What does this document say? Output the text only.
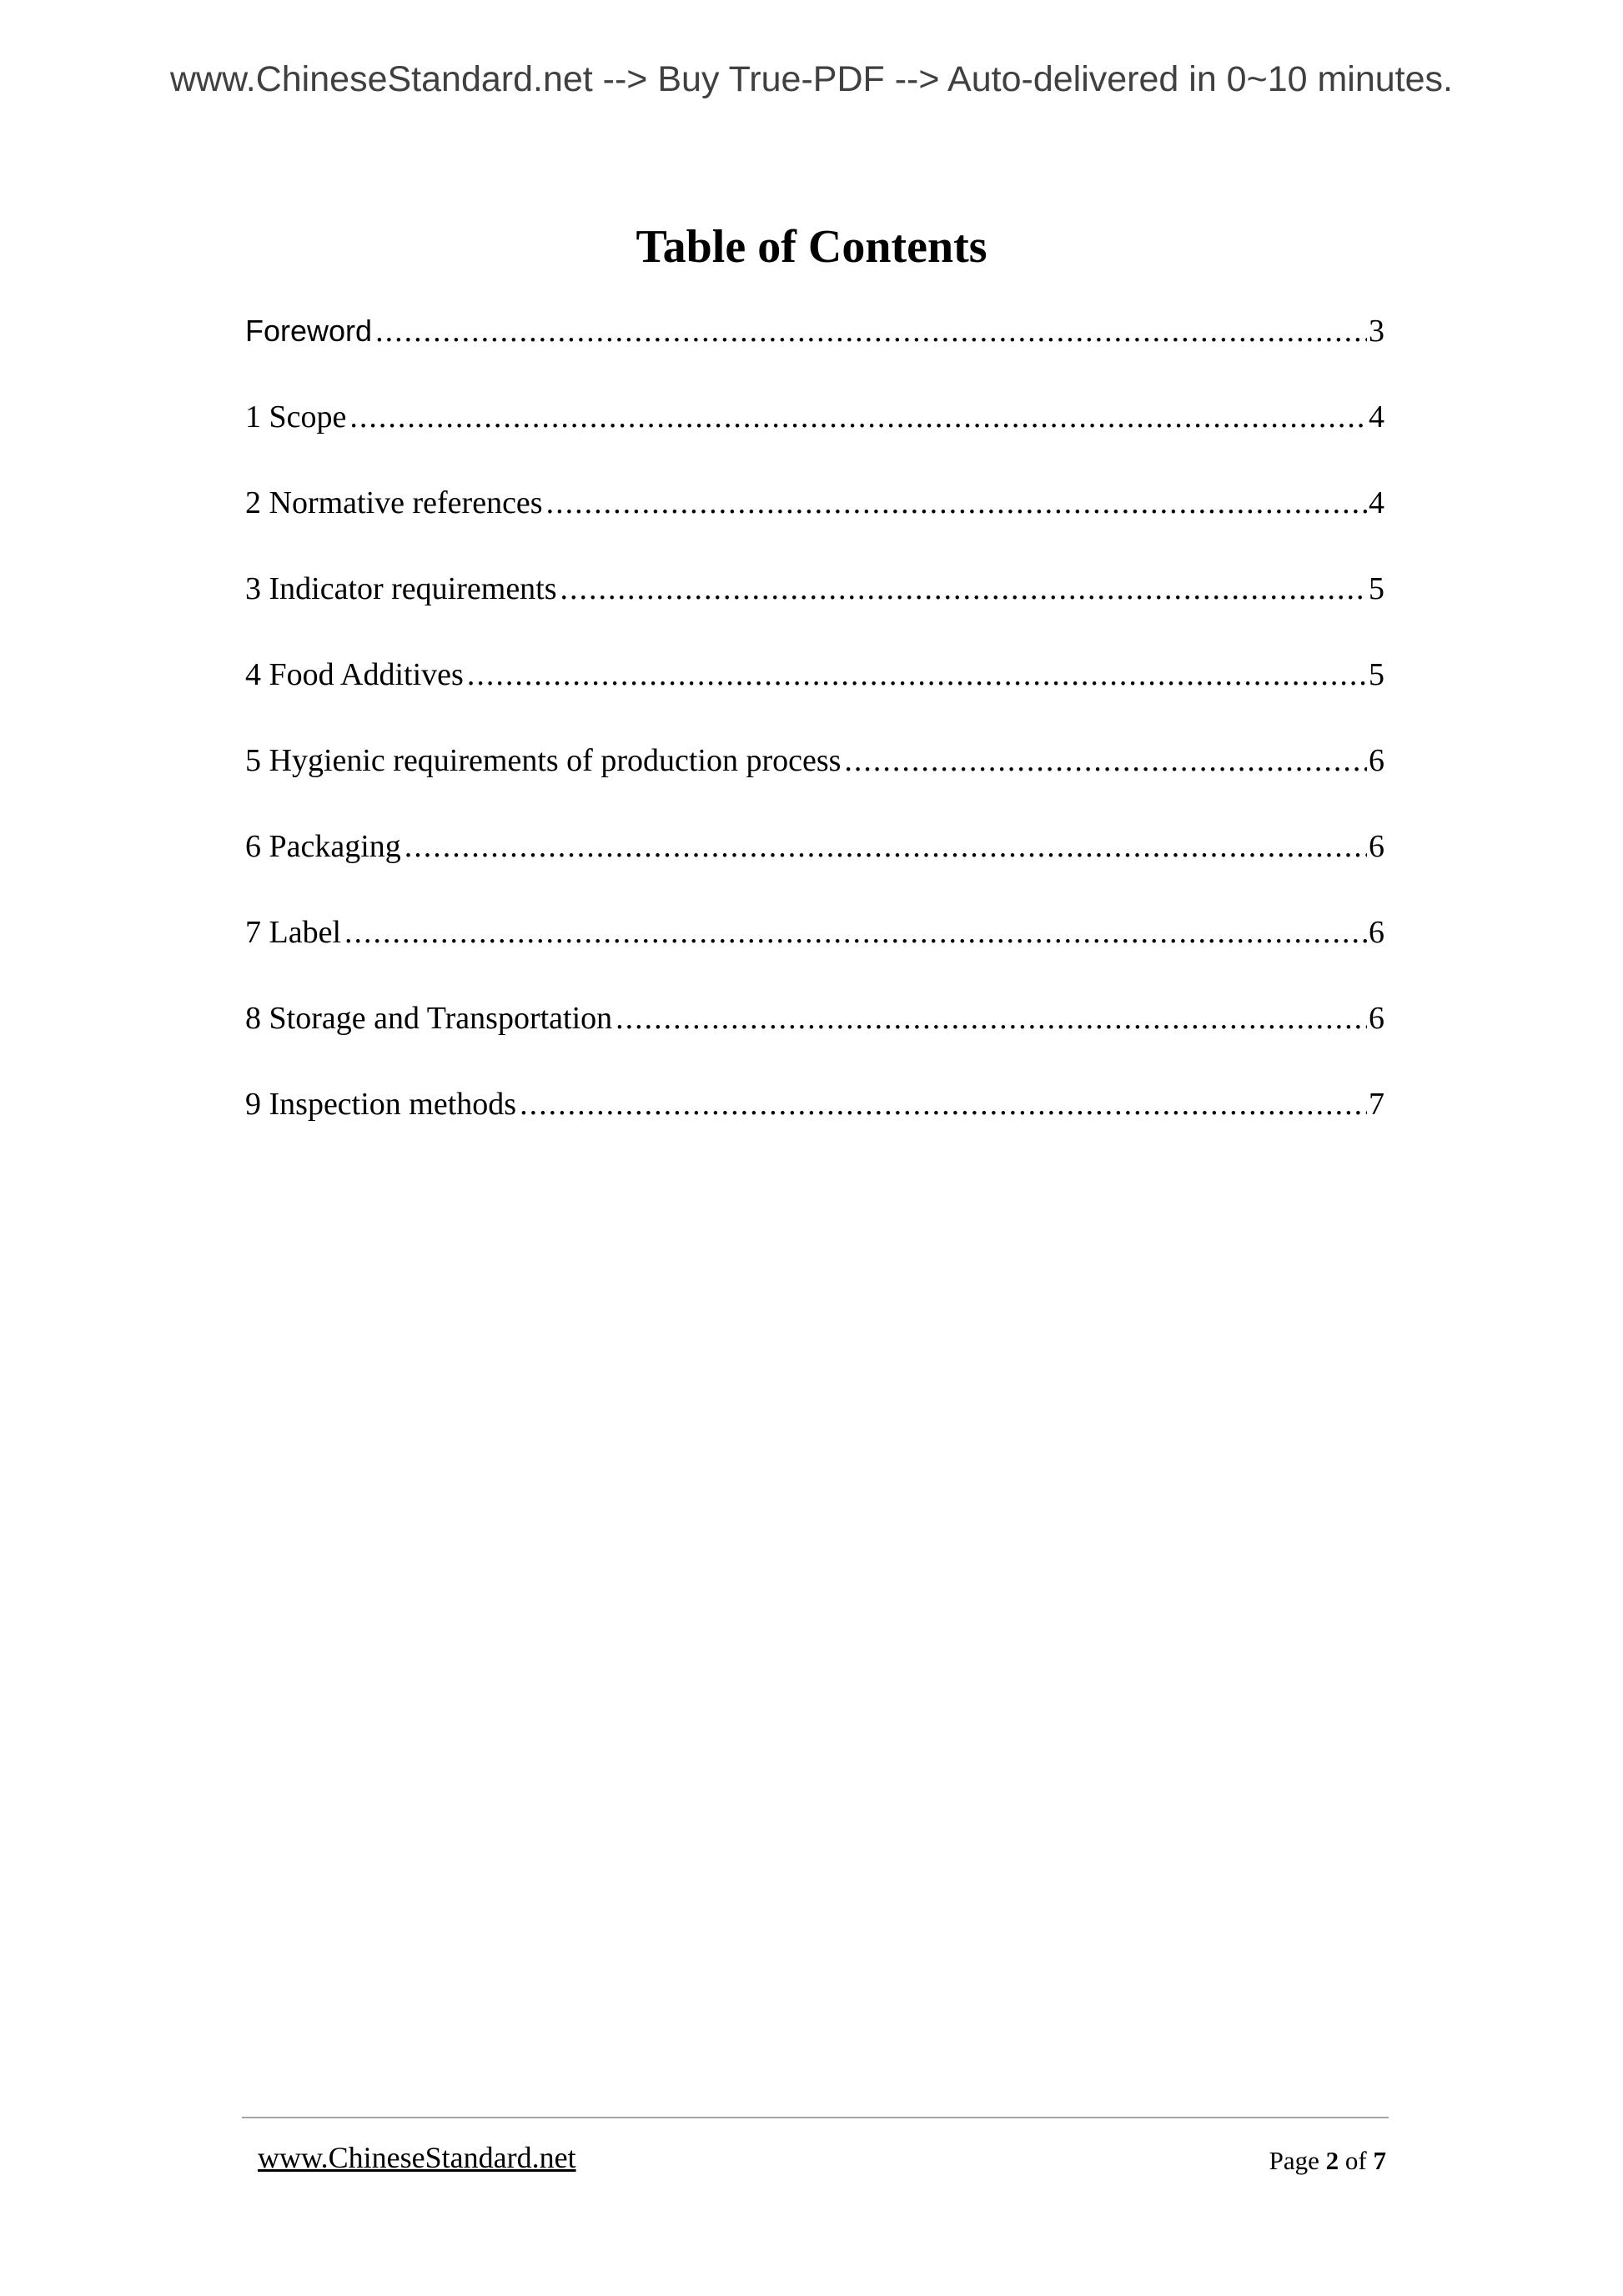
www.ChineseStandard.net --> Buy True-PDF --> Auto-delivered in 0~10 minutes.
Table of Contents
Foreword .....	3
1 Scope .....	4
2 Normative references .....	4
3 Indicator requirements .....	5
4 Food Additives .....	5
5 Hygienic requirements of production process .....	6
6 Packaging .....	6
7 Label .....	6
8 Storage and Transportation .....	6
9 Inspection methods .....	7
www.ChineseStandard.net	Page 2 of 7
